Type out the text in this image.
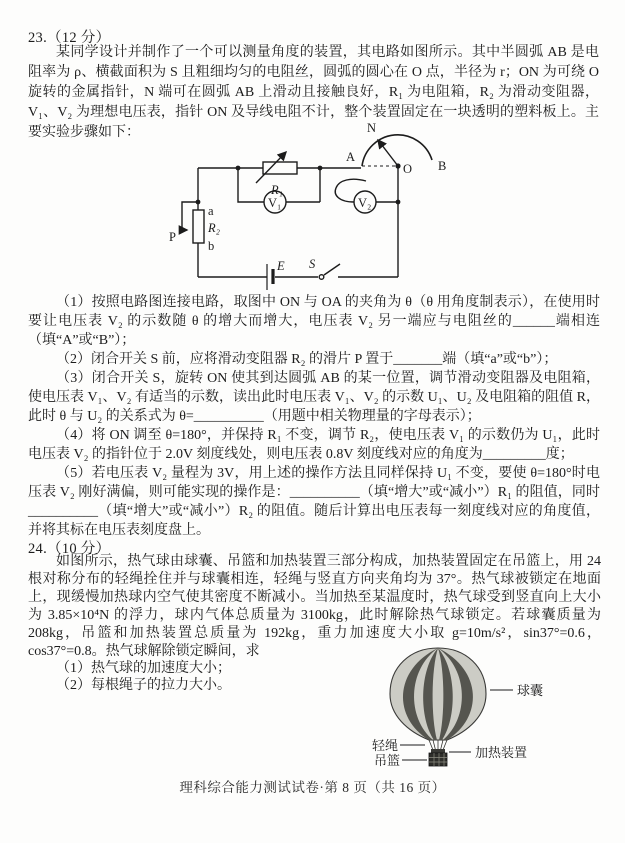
23.（12 分）

某同学设计并制作了一个可以测量角度的装置，其电路如图所示。其中半圆弧 AB 是电阻率为 ρ、横截面积为 S 且粗细均匀的电阻丝，圆弧的圆心在 O 点，半径为 r；ON 为可绕 O 旋转的金属指针，N 端可在圆弧 AB 上滑动且接触良好，R₁ 为电阻箱，R₂ 为滑动变阻器，V₁、V₂ 为理想电压表，指针 ON 及导线电阻不计，整个装置固定在一块透明的塑料板上。主要实验步骤如下：

R₁
V₁	V₂
A
O B
N
a
R₂
b
P
E S

（1）按照电路图连接电路，取图中 ON 与 OA 的夹角为 θ（θ 用角度制表示），在使用时要让电压表 V₂ 的示数随 θ 的增大而增大，电压表 V₂ 另一端应与电阻丝的______端相连（填“A”或“B”）；

（2）闭合开关 S 前，应将滑动变阻器 R₂ 的滑片 P 置于_______端（填“a”或“b”）；

（3）闭合开关 S，旋转 ON 使其到达圆弧 AB 的某一位置，调节滑动变阻器及电阻箱，使电压表 V₁、V₂ 有适当的示数，读出此时电压表 V₁、V₂ 的示数 U₁、U₂ 及电阻箱的阻值 R，此时 θ 与 U₂ 的关系式为 θ=__________（用题中相关物理量的字母表示）；

（4）将 ON 调至 θ=180°，并保持 R₁ 不变，调节 R₂，使电压表 V₁ 的示数仍为 U₁，此时电压表 V₂ 的指针位于 2.0V 刻度线处，则电压表 0.8V 刻度线对应的角度为_________度；

（5）若电压表 V₂ 量程为 3V，用上述的操作方法且同样保持 U₁ 不变，要使 θ=180°时电压表 V₂ 刚好满偏，则可能实现的操作是：__________（填“增大”或“减小”）R₁ 的阻值，同时__________（填“增大”或“减小”）R₂ 的阻值。随后计算出电压表每一刻度线对应的角度值，并将其标在电压表刻度盘上。

24.（10 分）

如图所示，热气球由球囊、吊篮和加热装置三部分构成，加热装置固定在吊篮上，用 24 根对称分布的轻绳拴住并与球囊相连，轻绳与竖直方向夹角均为 37°。热气球被锁定在地面上，现缓慢加热球内空气使其密度不断减小。当加热至某温度时，热气球受到竖直向上大小为 3.85×10⁴N 的浮力，球内气体总质量为 3100kg，此时解除热气球锁定。若球囊质量为 208kg，吊篮和加热装置总质量为 192kg，重力加速度大小取 g=10m/s²，sin37°=0.6，cos37°=0.8。热气球解除锁定瞬间，求

（1）热气球的加速度大小；

（2）每根绳子的拉力大小。	球囊
轻绳
吊篮
加热装置
理科综合能力测试试卷·第 8 页（共 16 页）
